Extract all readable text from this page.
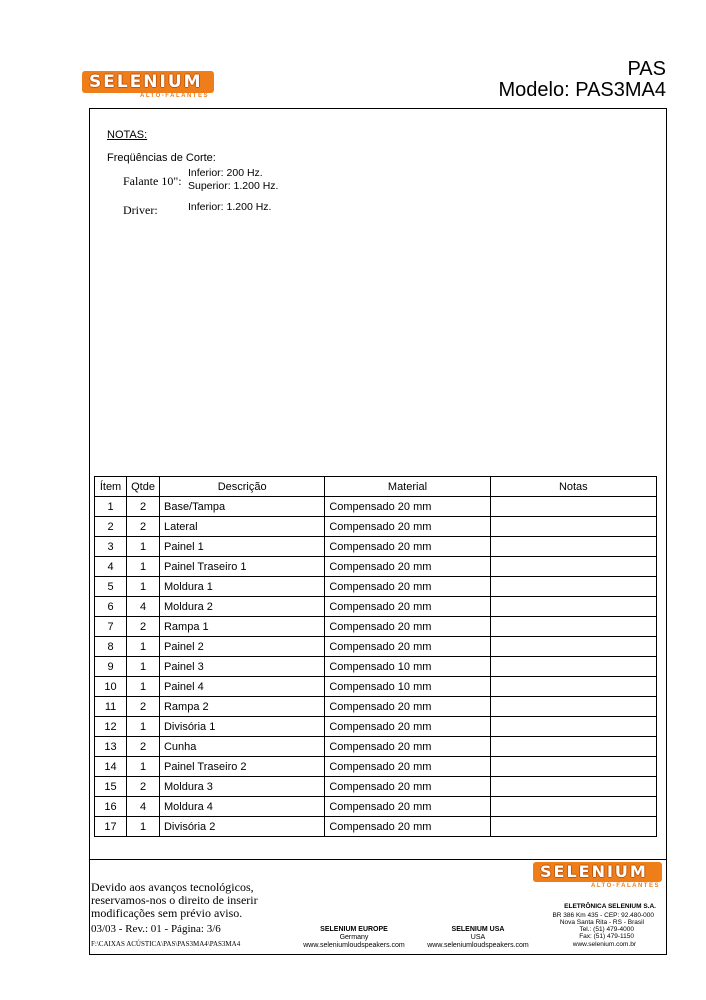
SELENIUM
ALTO-FALANTES
PAS
Modelo: PAS3MA4
NOTAS:
Freqüências de Corte:
Falante 10":
Inferior: 200 Hz.
Superior: 1.200 Hz.
Driver:	Inferior: 1.200 Hz.
Ítem	Qtde	Descrição	Material	Notas
1	2	Base/Tampa	Compensado 20 mm	
2	2	Lateral	Compensado 20 mm	
3	1	Painel 1	Compensado 20 mm	
4	1	Painel Traseiro 1	Compensado 20 mm	
5	1	Moldura 1	Compensado 20 mm	
6	4	Moldura 2	Compensado 20 mm	
7	2	Rampa 1	Compensado 20 mm	
8	1	Painel 2	Compensado 20 mm	
9	1	Painel 3	Compensado 10 mm	
10	1	Painel 4	Compensado 10 mm	
11	2	Rampa 2	Compensado 20 mm	
12	1	Divisória 1	Compensado 20 mm	
13	2	Cunha	Compensado 20 mm	
14	1	Painel Traseiro 2	Compensado 20 mm	
15	2	Moldura 3	Compensado 20 mm	
16	4	Moldura 4	Compensado 20 mm	
17	1	Divisória 2	Compensado 20 mm	
SELENIUM
ALTO-FALANTES
Devido aos avanços tecnológicos,
reservamos-nos o direito de inserir
modificações sem prévio aviso.
03/03 - Rev.: 01 - Página: 3/6
F:\CAIXAS ACÚSTICA\PAS\PAS3MA4\PAS3MA4
SELENIUM EUROPE
Germany
www.seleniumloudspeakers.com
SELENIUM USA
USA
www.seleniumloudspeakers.com
ELETRÔNICA SELENIUM S.A.
BR 386 Km 435 - CEP: 92.480-000
Nova Santa Rita - RS - Brasil
Tel.: (51) 479-4000
Fax: (51) 479-1150
www.selenium.com.br
